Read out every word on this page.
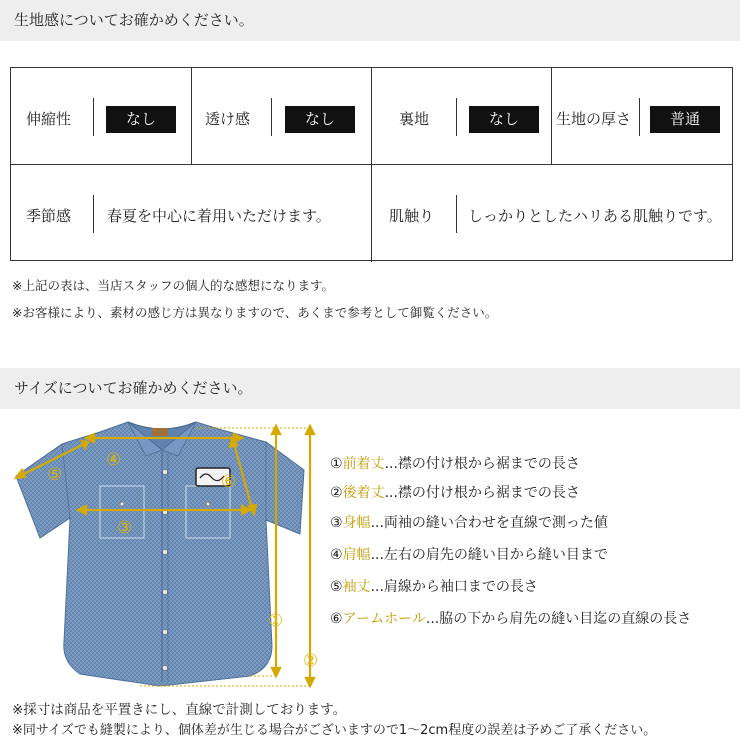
生地感についてお確かめください。
伸縮性	なし	透け感	なし	裏地	なし	生地の厚さ	普通
季節感 春夏を中心に着用いただけます。	肌触り しっかりとしたハリある肌触りです。
※上記の表は、当店スタッフの個人的な感想になります。
※お客様により、素材の感じ方は異なりますので、あくまで参考として御覧ください。
サイズについてお確かめください。
①
②
③
④
⑤	⑥
①前着丈...襟の付け根から裾までの長さ
②後着丈...襟の付け根から裾までの長さ
③身幅...両袖の縫い合わせを直線で測った値
④肩幅...左右の肩先の縫い目から縫い目まで
⑤袖丈...肩線から袖口までの長さ
⑥アームホール...脇の下から肩先の縫い目迄の直線の長さ
※採寸は商品を平置きにし、直線で計測しております。
※同サイズでも縫製により、個体差が生じる場合がございますので1～2cm程度の誤差は予めご了承ください。
